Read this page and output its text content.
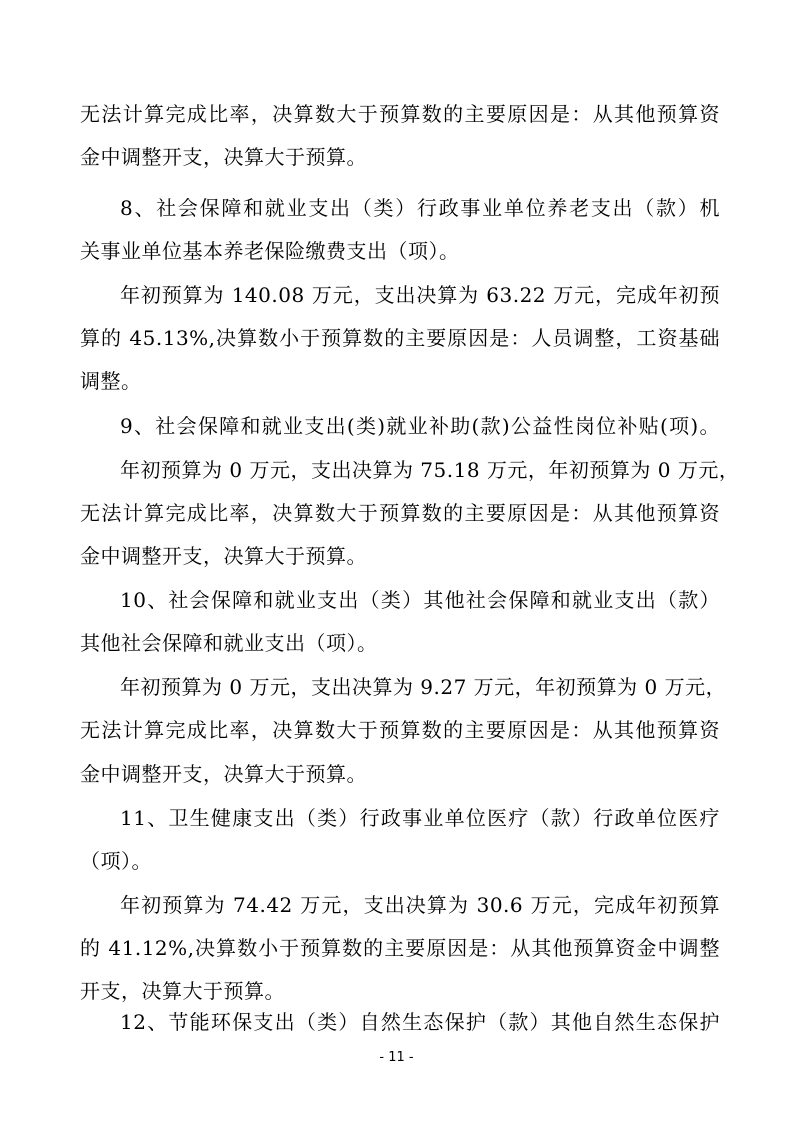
无法计算完成比率，决算数大于预算数的主要原因是：从其他预算资
金中调整开支，决算大于预算。
8、社会保障和就业支出（类）行政事业单位养老支出（款）机
关事业单位基本养老保险缴费支出（项）。
年初预算为 140.08 万元，支出决算为 63.22 万元，完成年初预
算的 45.13%,决算数小于预算数的主要原因是：人员调整，工资基础
调整。
9、社会保障和就业支出(类)就业补助(款)公益性岗位补贴(项)。
年初预算为 0 万元，支出决算为 75.18 万元，年初预算为 0 万元，
无法计算完成比率，决算数大于预算数的主要原因是：从其他预算资
金中调整开支，决算大于预算。
10、社会保障和就业支出（类）其他社会保障和就业支出（款）
其他社会保障和就业支出（项）。
年初预算为 0 万元，支出决算为 9.27 万元，年初预算为 0 万元，
无法计算完成比率，决算数大于预算数的主要原因是：从其他预算资
金中调整开支，决算大于预算。
11、卫生健康支出（类）行政事业单位医疗（款）行政单位医疗
（项）。
年初预算为 74.42 万元，支出决算为 30.6 万元，完成年初预算
的 41.12%,决算数小于预算数的主要原因是：从其他预算资金中调整
开支，决算大于预算。
12、节能环保支出（类）自然生态保护（款）其他自然生态保护
- 11 -
